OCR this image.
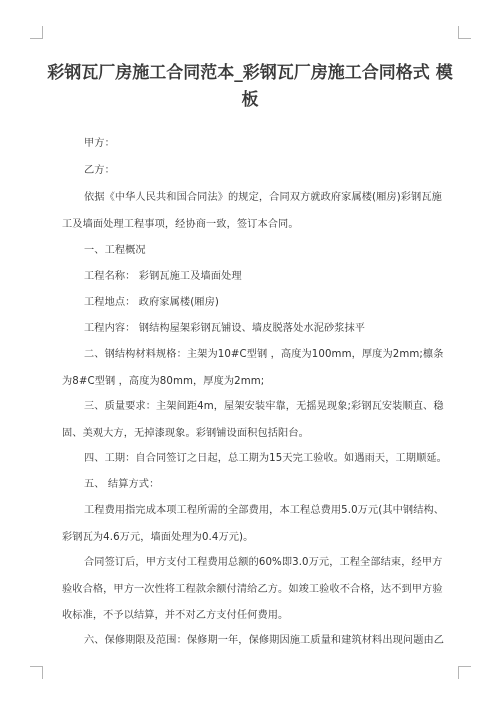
彩钢瓦厂房施工合同范本_彩钢瓦厂房施工合同格式 模板
甲方：
乙方：
依据《中华人民共和国合同法》的规定，合同双方就政府家属楼(厢房)彩钢瓦施工及墙面处理工程事项，经协商一致，签订本合同。
一、工程概况
工程名称： 彩钢瓦施工及墙面处理
工程地点： 政府家属楼(厢房)
工程内容： 钢结构屋架彩钢瓦铺设、墙皮脱落处水泥砂浆抹平
二、钢结构材料规格：主架为10#C型钢 ，高度为100mm，厚度为2mm;檩条为8#C型钢 ，高度为80mm，厚度为2mm;
三、质量要求：主架间距4m，屋架安装牢靠，无摇晃现象;彩钢瓦安装顺直、稳固、美观大方，无掉漆现象。彩钢铺设面积包括阳台。
四、工期：自合同签订之日起，总工期为15天完工验收。如遇雨天，工期顺延。
五、 结算方式：
工程费用指完成本项工程所需的全部费用，本工程总费用5.0万元(其中钢结构、彩钢瓦为4.6万元，墙面处理为0.4万元)。
合同签订后，甲方支付工程费用总额的60%即3.0万元，工程全部结束，经甲方验收合格，甲方一次性将工程款余额付清给乙方。如竣工验收不合格，达不到甲方验收标准，不予以结算，并不对乙方支付任何费用。
六、保修期限及范围：保修期一年，保修期因施工质量和建筑材料出现问题由乙
